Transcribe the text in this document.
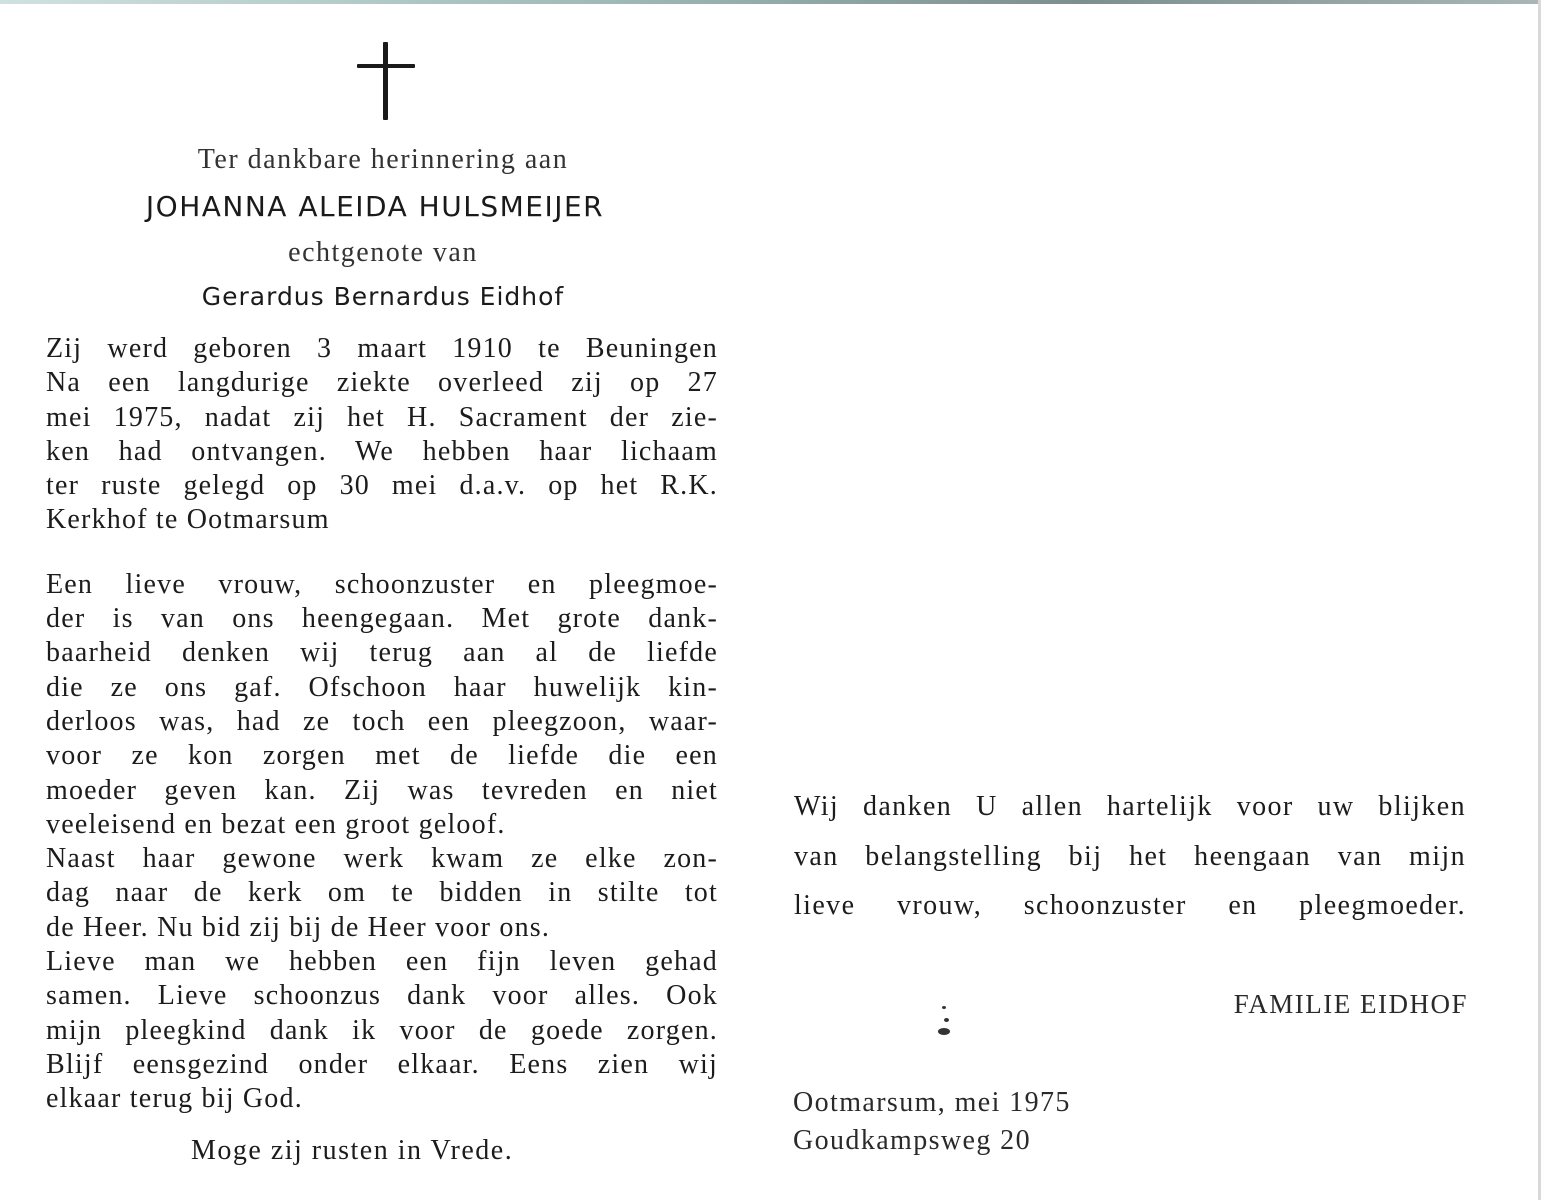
Ter dankbare herinnering aan

JOHANNA ALEIDA HULSMEIJER

echtgenote van

Gerardus Bernardus Eidhof

Zij werd geboren 3 maart 1910 te Beuningen

Na een langdurige ziekte overleed zij op 27

mei 1975, nadat zij het H. Sacrament der zie-

ken had ontvangen. We hebben haar lichaam

ter ruste gelegd op 30 mei d.a.v. op het R.K.

Kerkhof te Ootmarsum

Een lieve vrouw, schoonzuster en pleegmoe-

der is van ons heengegaan. Met grote dank-

baarheid denken wij terug aan al de liefde

die ze ons gaf. Ofschoon haar huwelijk kin-

derloos was, had ze toch een pleegzoon, waar-

voor ze kon zorgen met de liefde die een

moeder geven kan. Zij was tevreden en niet

veeleisend en bezat een groot geloof.

Naast haar gewone werk kwam ze elke zon-

dag naar de kerk om te bidden in stilte tot

de Heer. Nu bid zij bij de Heer voor ons.

Lieve man we hebben een fijn leven gehad

samen. Lieve schoonzus dank voor alles. Ook

mijn pleegkind dank ik voor de goede zorgen.

Blijf eensgezind onder elkaar. Eens zien wij

elkaar terug bij God.

Moge zij rusten in Vrede.

Wij danken U allen hartelijk voor uw blijken

van belangstelling bij het heengaan van mijn

lieve vrouw, schoonzuster en pleegmoeder.

FAMILIE EIDHOF
Ootmarsum, mei 1975
Goudkampsweg 20
